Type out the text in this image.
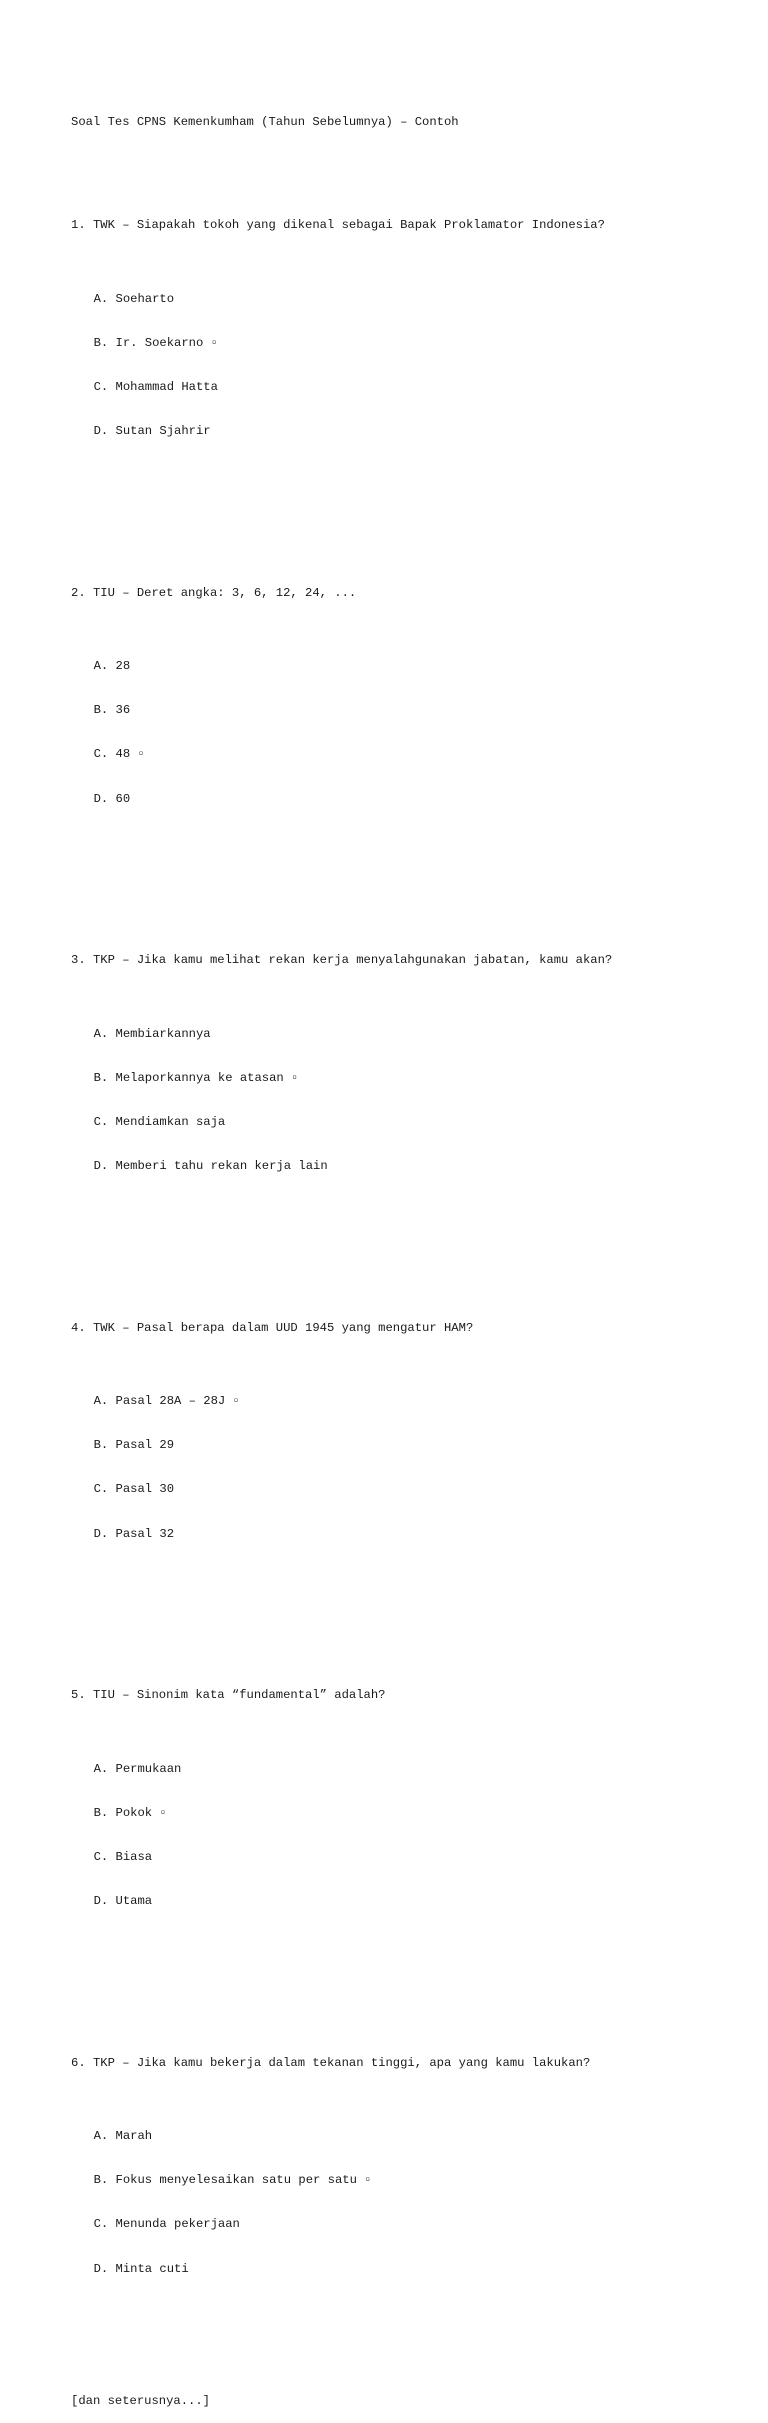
Soal Tes CPNS Kemenkumham (Tahun Sebelumnya) – Contoh

1. TWK – Siapakah tokoh yang dikenal sebagai Bapak Proklamator Indonesia?

A. Soeharto

B. Ir. Soekarno ▫

C. Mohammad Hatta

D. Sutan Sjahrir

2. TIU – Deret angka: 3, 6, 12, 24, ...

A. 28

B. 36

C. 48 ▫

D. 60

3. TKP – Jika kamu melihat rekan kerja menyalahgunakan jabatan, kamu akan?

A. Membiarkannya

B. Melaporkannya ke atasan ▫

C. Mendiamkan saja

D. Memberi tahu rekan kerja lain

4. TWK – Pasal berapa dalam UUD 1945 yang mengatur HAM?

A. Pasal 28A – 28J ▫

B. Pasal 29

C. Pasal 30

D. Pasal 32

5. TIU – Sinonim kata “fundamental” adalah?

A. Permukaan

B. Pokok ▫

C. Biasa

D. Utama

6. TKP – Jika kamu bekerja dalam tekanan tinggi, apa yang kamu lakukan?

A. Marah

B. Fokus menyelesaikan satu per satu ▫

C. Menunda pekerjaan

D. Minta cuti

[dan seterusnya...]
